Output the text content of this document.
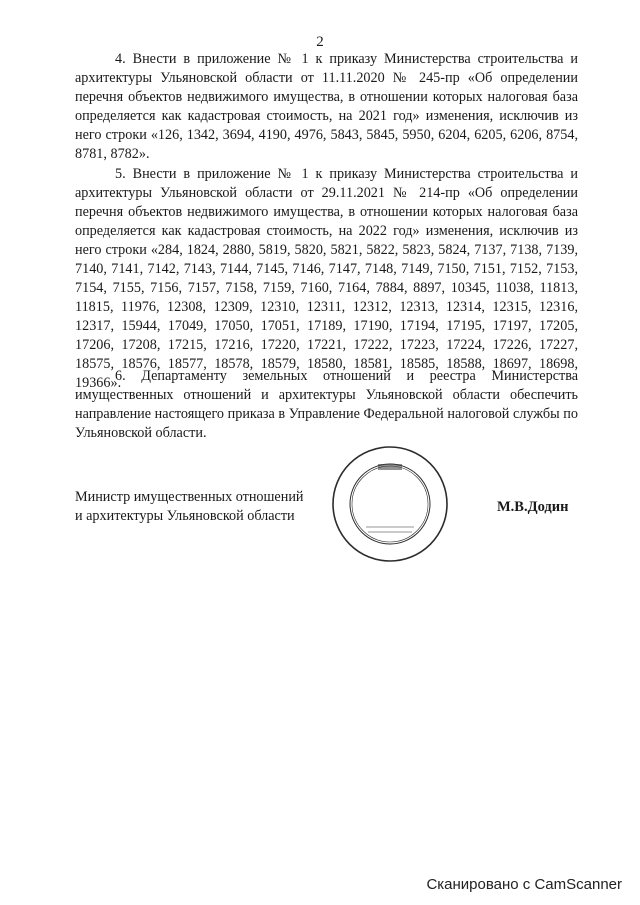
2

4. Внести в приложение № 1 к приказу Министерства строительства и архитектуры Ульяновской области от 11.11.2020 № 245-пр «Об определении перечня объектов недвижимого имущества, в отношении которых налоговая база определяется как кадастровая стоимость, на 2021 год» изменения, исключив из него строки «126, 1342, 3694, 4190, 4976, 5843, 5845, 5950, 6204, 6205, 6206, 8754, 8781, 8782».

5. Внести в приложение № 1 к приказу Министерства строительства и архитектуры Ульяновской области от 29.11.2021 № 214-пр «Об определении перечня объектов недвижимого имущества, в отношении которых налоговая база определяется как кадастровая стоимость, на 2022 год» изменения, исключив из него строки «284, 1824, 2880, 5819, 5820, 5821, 5822, 5823, 5824, 7137, 7138, 7139, 7140, 7141, 7142, 7143, 7144, 7145, 7146, 7147, 7148, 7149, 7150, 7151, 7152, 7153, 7154, 7155, 7156, 7157, 7158, 7159, 7160, 7164, 7884, 8897, 10345, 11038, 11813, 11815, 11976, 12308, 12309, 12310, 12311, 12312, 12313, 12314, 12315, 12316, 12317, 15944, 17049, 17050, 17051, 17189, 17190, 17194, 17195, 17197, 17205, 17206, 17208, 17215, 17216, 17220, 17221, 17222, 17223, 17224, 17226, 17227, 18575, 18576, 18577, 18578, 18579, 18580, 18581, 18585, 18588, 18697, 18698, 19366».

6. Департаменту земельных отношений и реестра Министерства имущественных отношений и архитектуры Ульяновской области обеспечить направление настоящего приказа в Управление Федеральной налоговой службы по Ульяновской области.

Министр имущественных отношений
и архитектуры Ульяновской области
М.В.Додин
Сканировано с CamScanner
